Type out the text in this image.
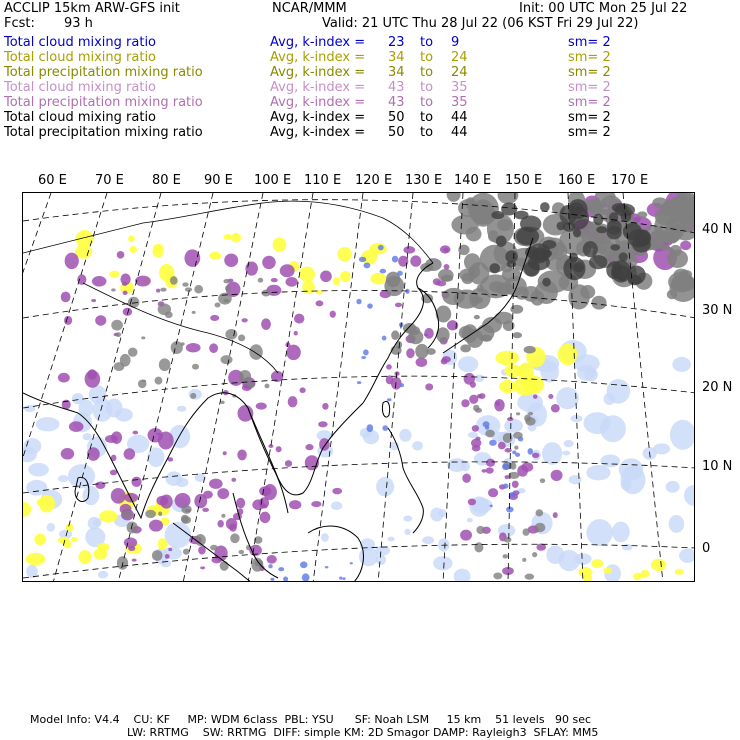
ACCLIP 15km ARW-GFS init	NCAR/MMM	Init: 00 UTC Mon 25 Jul 22
Fcst: 93 h	Valid: 21 UTC Thu 28 Jul 22 (06 KST Fri 29 Jul 22)
Total cloud mixing ratio	Avg, k-index = 23 to 9	sm= 2
Total cloud mixing ratio	Avg, k-index = 34 to 24	sm= 2
Total precipitation mixing ratio	Avg, k-index = 34 to 24	sm= 2
Total cloud mixing ratio	Avg, k-index = 43 to 35	sm= 2
Total precipitation mixing ratio	Avg, k-index = 43 to 35	sm= 2
Total cloud mixing ratio	Avg, k-index = 50 to 44	sm= 2
Total precipitation mixing ratio	Avg, k-index = 50 to 44	sm= 2
60 E 70 E 80 E 90 E 100 E 110 E 120 E 130 E 140 E 150 E 160 E 170 E
40 N
30 N
20 N
10 N
0
Model Info: V4.4    CU: KF     MP: WDM 6class  PBL: YSU      SF: Noah LSM     15 km    51 levels   90 sec
LW: RRTMG    SW: RRTMG  DIFF: simple KM: 2D Smagor DAMP: Rayleigh3  SFLAY: MM5
